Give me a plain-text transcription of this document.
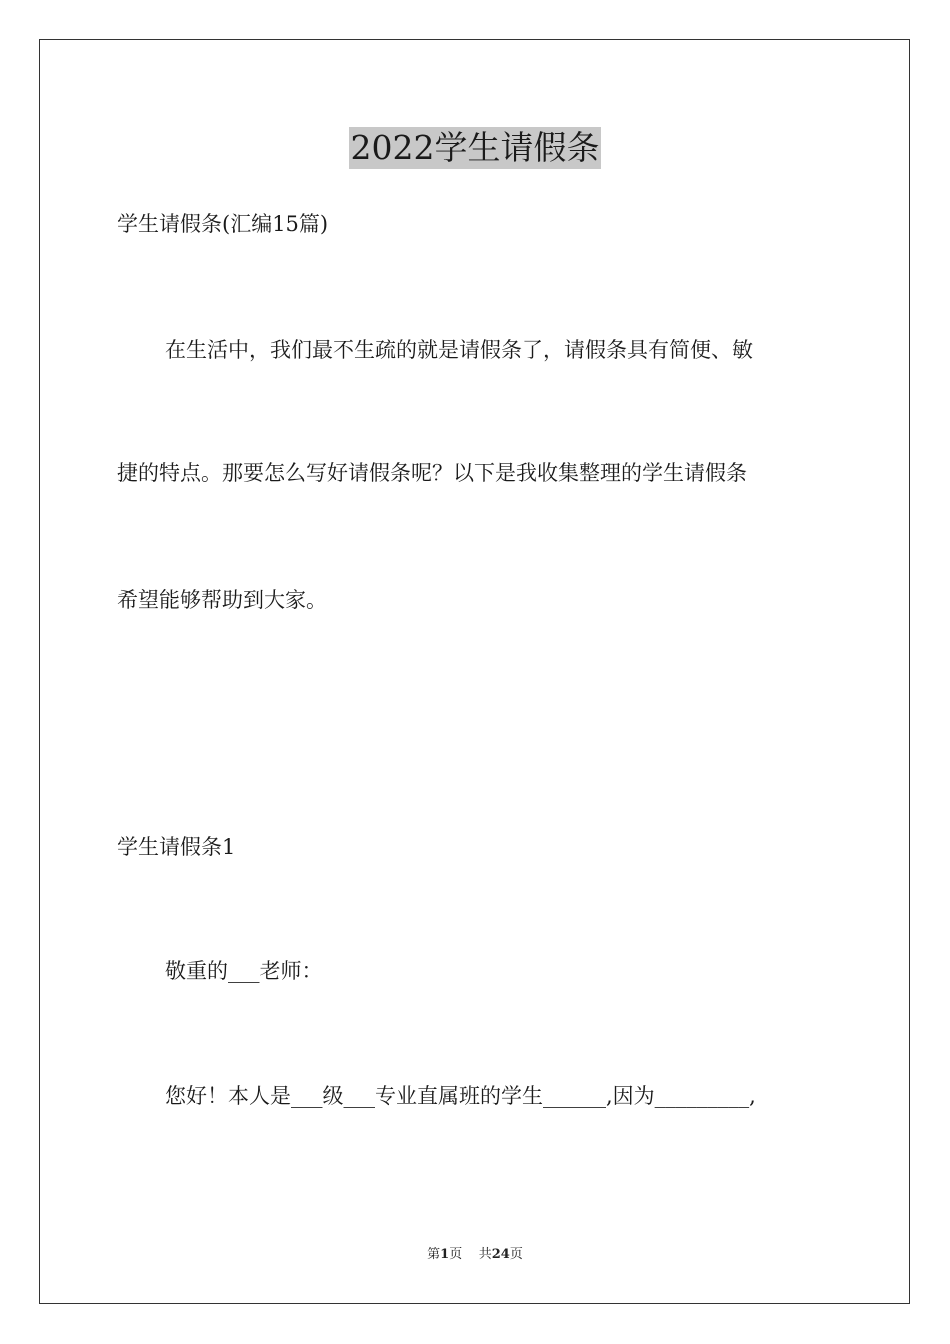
2022学生请假条
学生请假条(汇编15篇)
在生活中，我们最不生疏的就是请假条了，请假条具有简便、敏
捷的特点。那要怎么写好请假条呢？以下是我收集整理的学生请假条
希望能够帮助到大家。
学生请假条1
敬重的___老师：
您好！本人是___级___专业直属班的学生______,因为_________,
第1页 共24页
